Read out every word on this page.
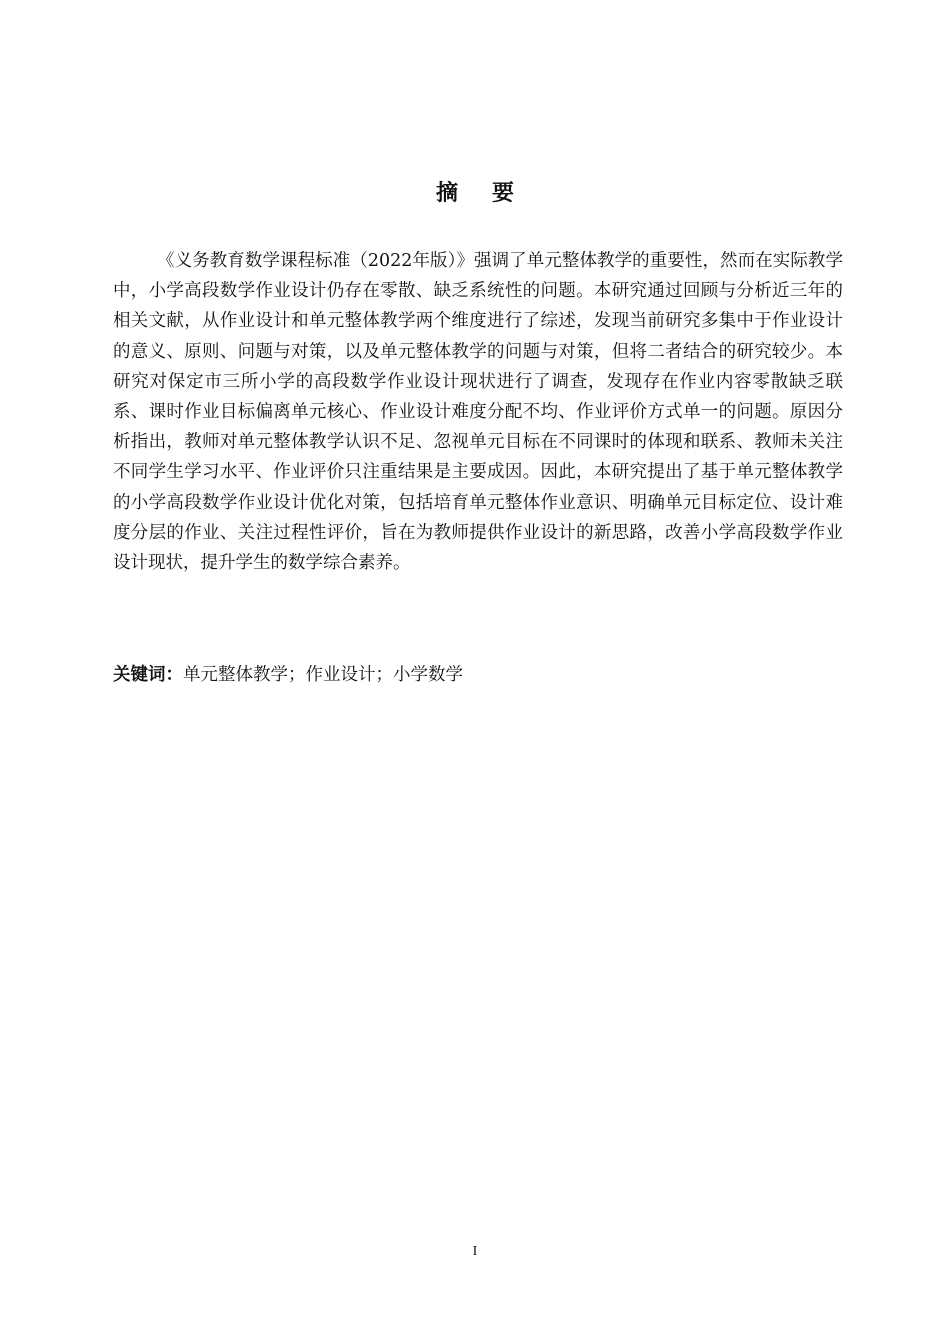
摘要

《义务教育数学课程标准（2022年版）》强调了单元整体教学的重要性，然而在实际教学中，小学高段数学作业设计仍存在零散、缺乏系统性的问题。本研究通过回顾与分析近三年的相关文献，从作业设计和单元整体教学两个维度进行了综述，发现当前研究多集中于作业设计的意义、原则、问题与对策，以及单元整体教学的问题与对策，但将二者结合的研究较少。本研究对保定市三所小学的高段数学作业设计现状进行了调查，发现存在作业内容零散缺乏联系、课时作业目标偏离单元核心、作业设计难度分配不均、作业评价方式单一的问题。原因分析指出，教师对单元整体教学认识不足、忽视单元目标在不同课时的体现和联系、教师未关注不同学生学习水平、作业评价只注重结果是主要成因。因此，本研究提出了基于单元整体教学的小学高段数学作业设计优化对策，包括培育单元整体作业意识、明确单元目标定位、设计难度分层的作业、关注过程性评价，旨在为教师提供作业设计的新思路，改善小学高段数学作业设计现状，提升学生的数学综合素养。

关键词：单元整体教学；作业设计；小学数学

I
